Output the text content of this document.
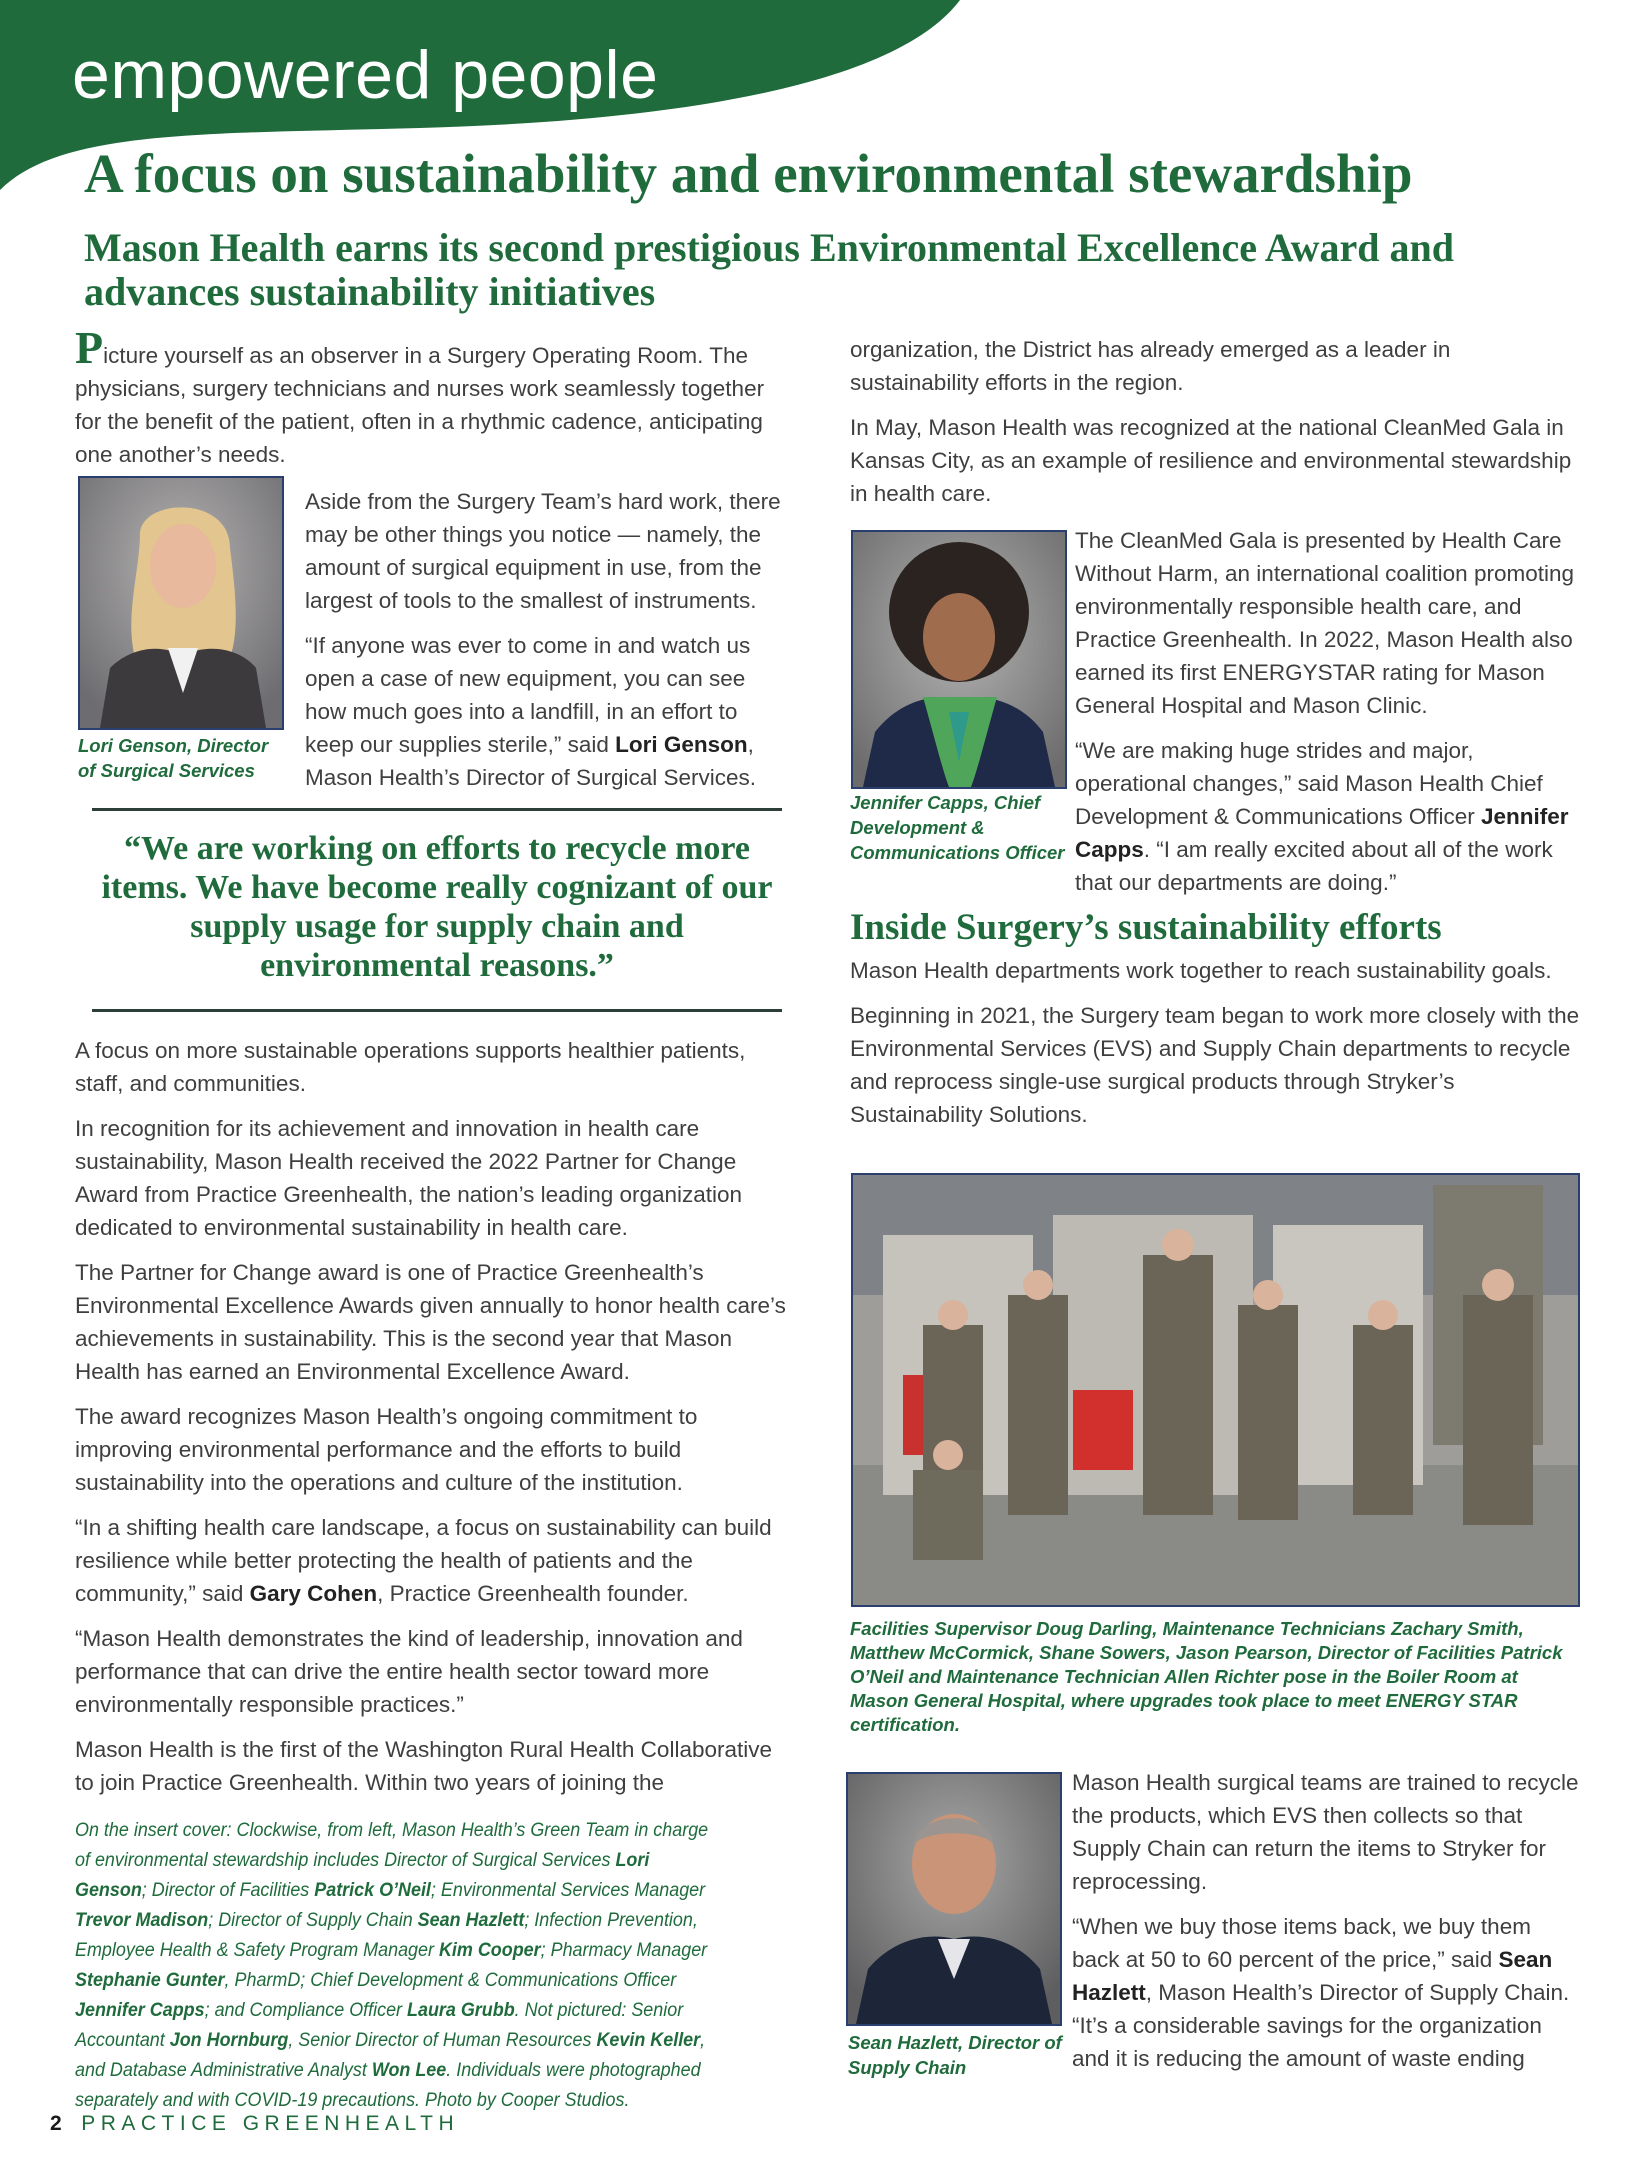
empowered people
A focus on sustainability and environmental stewardship
Mason Health earns its second prestigious Environmental Excellence Award and advances sustainability initiatives

Picture yourself as an observer in a Surgery Operating Room. The physicians, surgery technicians and nurses work seamlessly together for the benefit of the patient, often in a rhythmic cadence, anticipating one another’s needs.

Aside from the Surgery Team’s hard work, there may be other things you notice — namely, the amount of surgical equipment in use, from the largest of tools to the smallest of instruments.

“If anyone was ever to come in and watch us open a case of new equipment, you can see how much goes into a landfill, in an effort to keep our supplies sterile,” said Lori Genson, Mason Health’s Director of Surgical Services.

Lori Genson, Director of Surgical Services
“We are working on efforts to recycle more items. We have become really cognizant of our supply usage for supply chain and environmental reasons.”

A focus on more sustainable operations supports healthier patients, staff, and communities.

In recognition for its achievement and innovation in health care sustainability, Mason Health received the 2022 Partner for Change Award from Practice Greenhealth, the nation’s leading organization dedicated to environmental sustainability in health care.

The Partner for Change award is one of Practice Greenhealth’s Environmental Excellence Awards given annually to honor health care’s achievements in sustainability. This is the second year that Mason Health has earned an Environmental Excellence Award.

The award recognizes Mason Health’s ongoing commitment to improving environmental performance and the efforts to build sustainability into the operations and culture of the institution.

“In a shifting health care landscape, a focus on sustainability can build resilience while better protecting the health of patients and the community,” said Gary Cohen, Practice Greenhealth founder.

“Mason Health demonstrates the kind of leadership, innovation and performance that can drive the entire health sector toward more environmentally responsible practices.”

Mason Health is the first of the Washington Rural Health Collaborative to join Practice Greenhealth. Within two years of joining the

On the insert cover: Clockwise, from left, Mason Health’s Green Team in charge of environmental stewardship includes Director of Surgical Services Lori Genson; Director of Facilities Patrick O’Neil; Environmental Services Manager Trevor Madison; Director of Supply Chain Sean Hazlett; Infection Prevention, Employee Health & Safety Program Manager Kim Cooper; Pharmacy Manager Stephanie Gunter, PharmD; Chief Development & Communications Officer Jennifer Capps; and Compliance Officer Laura Grubb. Not pictured: Senior Accountant Jon Hornburg, Senior Director of Human Resources Kevin Keller, and Database Administrative Analyst Won Lee. Individuals were photographed separately and with COVID-19 precautions. Photo by Cooper Studios.

organization, the District has already emerged as a leader in sustainability efforts in the region.

In May, Mason Health was recognized at the national CleanMed Gala in Kansas City, as an example of resilience and environmental stewardship in health care.

The CleanMed Gala is presented by Health Care Without Harm, an international coalition promoting environmentally responsible health care, and Practice Greenhealth. In 2022, Mason Health also earned its first ENERGYSTAR rating for Mason General Hospital and Mason Clinic.

“We are making huge strides and major, operational changes,” said Mason Health Chief Development & Communications Officer Jennifer Capps. “I am really excited about all of the work that our departments are doing.”

Inside Surgery’s sustainability efforts

Mason Health departments work together to reach sustainability goals.

Beginning in 2021, the Surgery team began to work more closely with the Environmental Services (EVS) and Supply Chain departments to recycle and reprocess single-use surgical products through Stryker’s Sustainability Solutions.

Jennifer Capps, Chief Development & Communications Officer
Facilities Supervisor Doug Darling, Maintenance Technicians Zachary Smith, Matthew McCormick, Shane Sowers, Jason Pearson, Director of Facilities Patrick O’Neil and Maintenance Technician Allen Richter pose in the Boiler Room at Mason General Hospital, where upgrades took place to meet ENERGY STAR certification.
Sean Hazlett, Director of Supply Chain

Mason Health surgical teams are trained to recycle the products, which EVS then collects so that Supply Chain can return the items to Stryker for reprocessing.

“When we buy those items back, we buy them back at 50 to 60 percent of the price,” said Sean Hazlett, Mason Health’s Director of Supply Chain. “It’s a considerable savings for the organization and it is reducing the amount of waste ending

2 PRACTICE GREENHEALTH
